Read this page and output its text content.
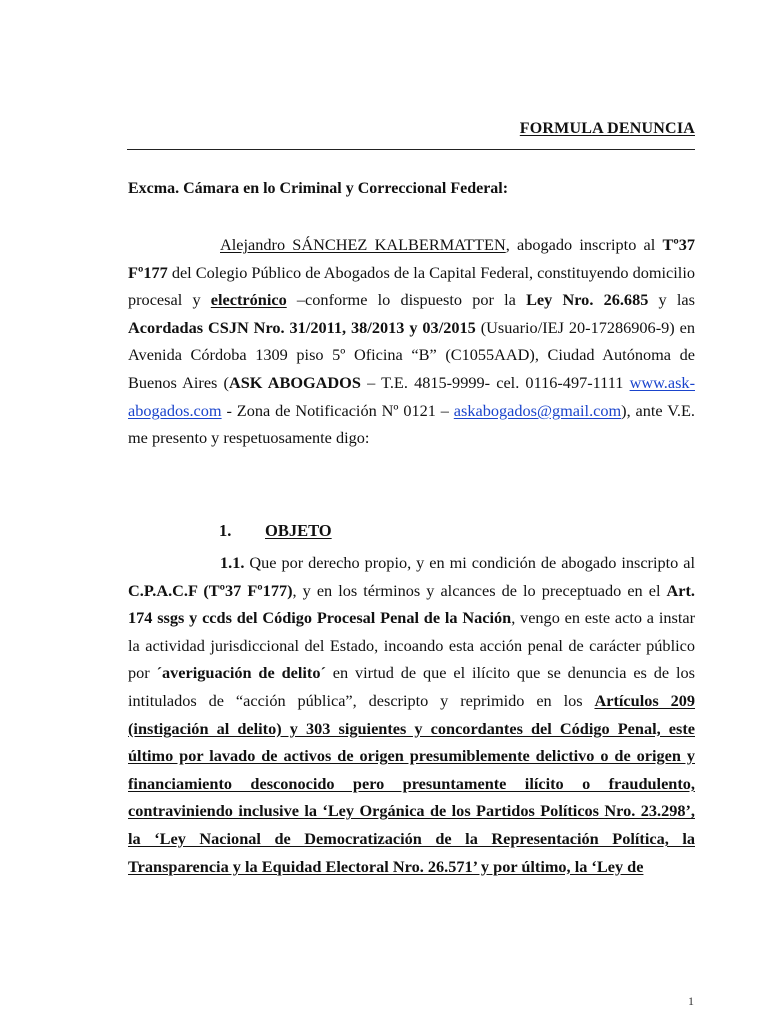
FORMULA DENUNCIA
Excma. Cámara en lo Criminal y Correccional Federal:
Alejandro SÁNCHEZ KALBERMATTEN, abogado inscripto al Tº37 Fº177 del Colegio Público de Abogados de la Capital Federal, constituyendo domicilio procesal y electrónico –conforme lo dispuesto por la Ley Nro. 26.685 y las Acordadas CSJN Nro. 31/2011, 38/2013 y 03/2015 (Usuario/IEJ 20-17286906-9) en Avenida Córdoba 1309 piso 5º Oficina “B” (C1055AAD), Ciudad Autónoma de Buenos Aires (ASK ABOGADOS – T.E. 4815-9999- cel. 0116-497-1111 www.ask-abogados.com - Zona de Notificación Nº 0121 – askabogados@gmail.com), ante V.E. me presento y respetuosamente digo:
1. OBJETO
1.1. Que por derecho propio, y en mi condición de abogado inscripto al C.P.A.C.F (Tº37 Fº177), y en los términos y alcances de lo preceptuado en el Art. 174 ssgs y ccds del Código Procesal Penal de la Nación, vengo en este acto a instar la actividad jurisdiccional del Estado, incoando esta acción penal de carácter público por ´averiguación de delito´ en virtud de que el ilícito que se denuncia es de los intitulados de “acción pública”, descripto y reprimido en los Artículos 209 (instigación al delito) y 303 siguientes y concordantes del Código Penal, este último por lavado de activos de origen presumiblemente delictivo o de origen y financiamiento desconocido pero presuntamente ilícito o fraudulento, contraviniendo inclusive la ‘Ley Orgánica de los Partidos Políticos Nro. 23.298’, la ‘Ley Nacional de Democratización de la Representación Política, la Transparencia y la Equidad Electoral Nro. 26.571’ y por último, la ‘Ley de
1
